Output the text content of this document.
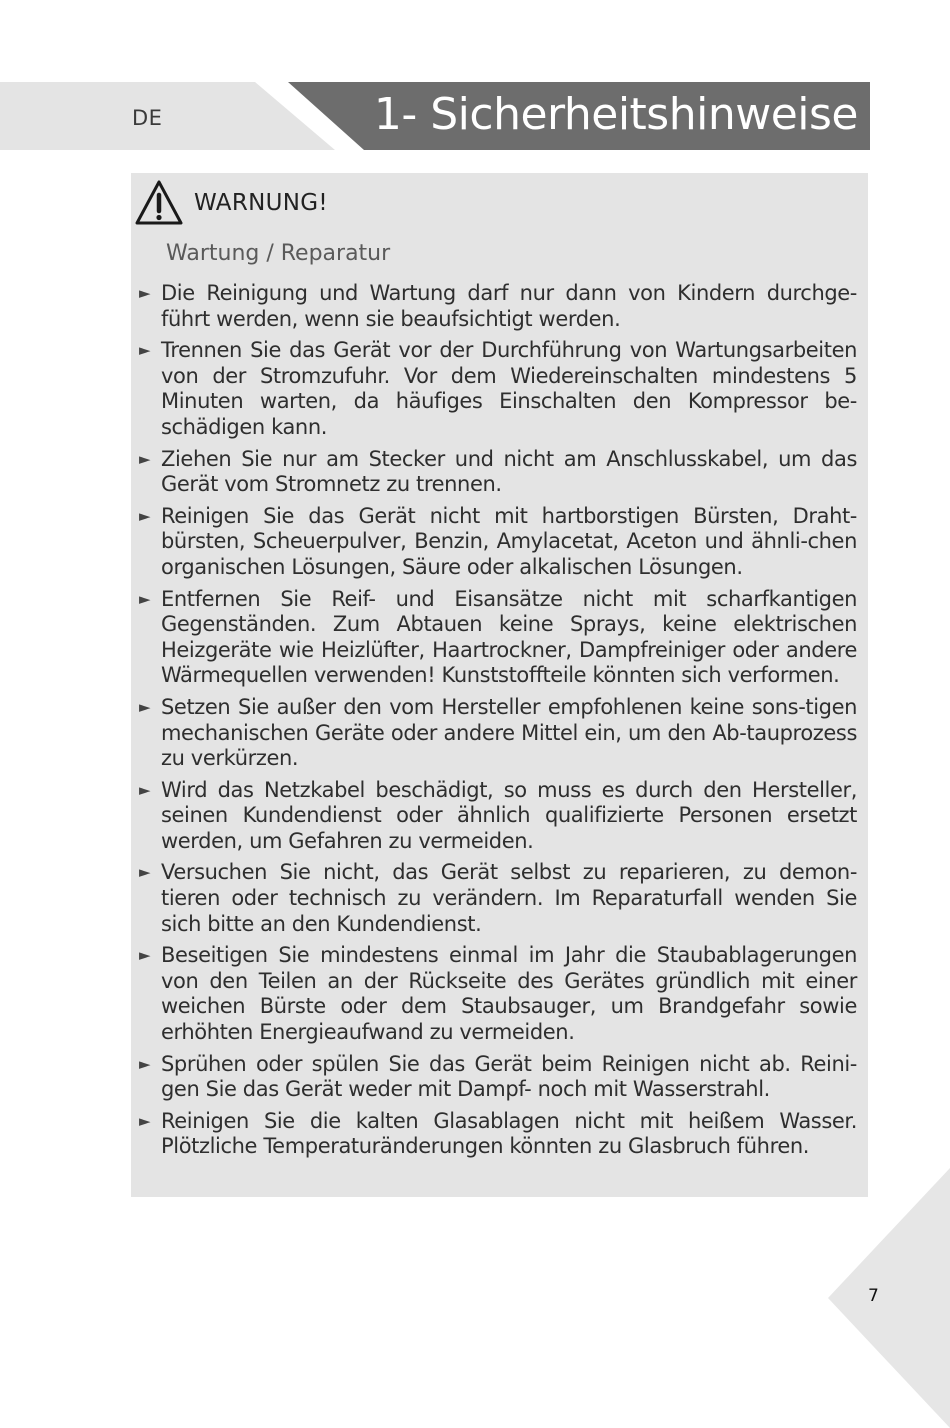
DE	1- Sicherheitshinweise
WARNUNG!
Wartung / Reparatur
► Die Reinigung und Wartung darf nur dann von Kindern durchge-führt werden, wenn sie beaufsichtigt werden.
► Trennen Sie das Gerät vor der Durchführung von Wartungsarbeiten von der Stromzufuhr. Vor dem Wiedereinschalten mindestens 5 Minuten warten, da häufiges Einschalten den Kompressor be-schädigen kann.
► Ziehen Sie nur am Stecker und nicht am Anschlusskabel, um das Gerät vom Stromnetz zu trennen.
► Reinigen Sie das Gerät nicht mit hartborstigen Bürsten, Draht-bürsten, Scheuerpulver, Benzin, Amylacetat, Aceton und ähnli-chen organischen Lösungen, Säure oder alkalischen Lösungen.
► Entfernen Sie Reif- und Eisansätze nicht mit scharfkantigen Gegenständen. Zum Abtauen keine Sprays, keine elektrischen Heizgeräte wie Heizlüfter, Haartrockner, Dampfreiniger oder andere Wärmequellen verwenden! Kunststoffteile könnten sich verformen.
► Setzen Sie außer den vom Hersteller empfohlenen keine sons-tigen mechanischen Geräte oder andere Mittel ein, um den Ab-tauprozess zu verkürzen.
► Wird das Netzkabel beschädigt, so muss es durch den Hersteller, seinen Kundendienst oder ähnlich qualifizierte Personen ersetzt werden, um Gefahren zu vermeiden.
► Versuchen Sie nicht, das Gerät selbst zu reparieren, zu demon-tieren oder technisch zu verändern. Im Reparaturfall wenden Sie sich bitte an den Kundendienst.
► Beseitigen Sie mindestens einmal im Jahr die Staubablagerungen von den Teilen an der Rückseite des Gerätes gründlich mit einer weichen Bürste oder dem Staubsauger, um Brandgefahr sowie erhöhten Energieaufwand zu vermeiden.
► Sprühen oder spülen Sie das Gerät beim Reinigen nicht ab. Reini-gen Sie das Gerät weder mit Dampf- noch mit Wasserstrahl.
► Reinigen Sie die kalten Glasablagen nicht mit heißem Wasser. Plötzliche Temperaturänderungen könnten zu Glasbruch führen.
7
